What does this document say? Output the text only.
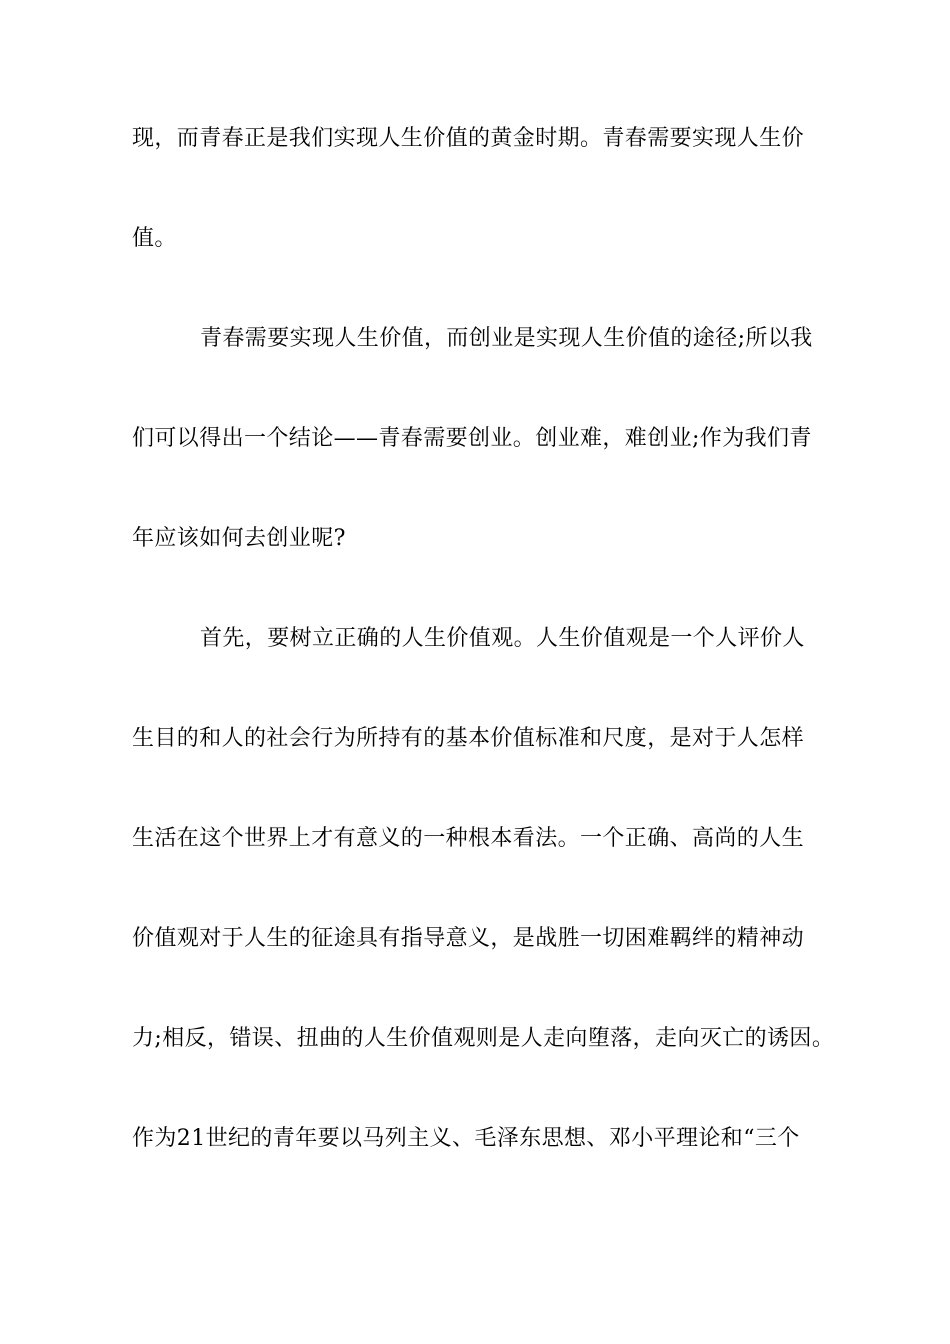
现，而青春正是我们实现人生价值的黄金时期。青春需要实现人生价
值。
青春需要实现人生价值，而创业是实现人生价值的途径;所以我
们可以得出一个结论——青春需要创业。创业难，难创业;作为我们青
年应该如何去创业呢?
首先，要树立正确的人生价值观。人生价值观是一个人评价人
生目的和人的社会行为所持有的基本价值标准和尺度，是对于人怎样
生活在这个世界上才有意义的一种根本看法。一个正确、高尚的人生
价值观对于人生的征途具有指导意义，是战胜一切困难羁绊的精神动
力;相反，错误、扭曲的人生价值观则是人走向堕落，走向灭亡的诱因。
作为21世纪的青年要以马列主义、毛泽东思想、邓小平理论和“三个
